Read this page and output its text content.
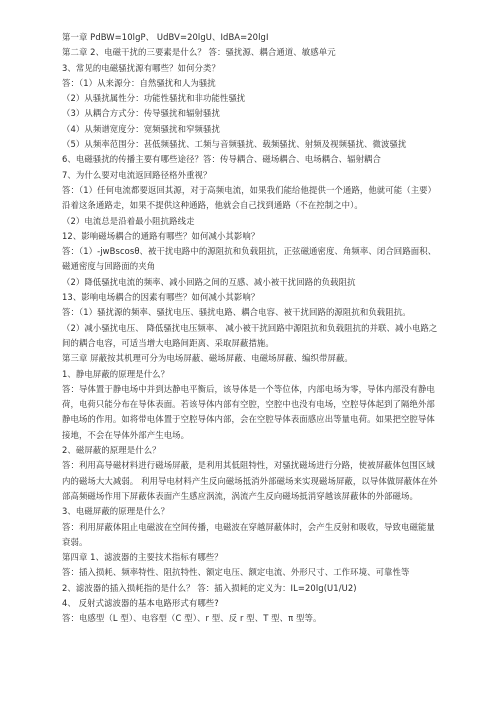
第一章 PdBW=10lgP、 UdBV=20lgU、IdBA=20lgI
第二章 2、电磁干扰的三要素是什么？ 答：骚扰源、耦合通道、敏感单元
3、常见的电磁骚扰源有哪些？如何分类？
答：（1）从来源分：自然骚扰和人为骚扰
（2）从骚扰属性分：功能性骚扰和非功能性骚扰
（3）从耦合方式分：传导骚扰和辐射骚扰
（4）从频谱宽度分：宽频骚扰和窄频骚扰
（5）从频率范围分：甚低频骚扰、工频与音频骚扰、载频骚扰、射频及视频骚扰、微波骚扰
6、电磁骚扰的传播主要有哪些途径？答：传导耦合、磁场耦合、电场耦合、辐射耦合
7、为什么要对电流返回路径格外重视？
答：（1）任何电流都要返回其源，对于高频电流，如果我们能给他提供一个通路，他就可能（主要）沿着这条通路走，如果不提供这种通路，他就会自己找到通路（不在控制之中）。
（2）电流总是沿着最小阻抗路线走
12、影响磁场耦合的通路有哪些？如何减小其影响？
答：（1）-jwBscosθ、被干扰电路中的源阻抗和负载阻抗，正弦磁通密度、角频率、闭合回路面积、磁通密度与回路面的夹角
（2）降低骚扰电流的频率、减小回路之间的互感、减小被干扰回路的负载阻抗
13、影响电场耦合的因素有哪些？如何减小其影响？
答：（1）骚扰源的频率、骚扰电压、骚扰电路、耦合电容、被干扰回路的源阻抗和负载阻抗。
（2）减小骚扰电压、 降低骚扰电压频率、 减小被干扰回路中源阻抗和负载阻抗的并联、减小电路之间的耦合电容，可适当增大电路间距离、采取屏蔽措施。
第三章 屏蔽按其机理可分为电场屏蔽、磁场屏蔽、电磁场屏蔽、编织带屏蔽。
1、静电屏蔽的原理是什么？
答：导体置于静电场中并到达静电平衡后，该导体是一个等位体，内部电场为零，导体内部没有静电荷，电荷只能分布在导体表面。若该导体内部有空腔，空腔中也没有电场，空腔导体起到了隔绝外部静电场的作用。如将带电体置于空腔导体内部，会在空腔导体表面感应出等量电荷。如果把空腔导体接地，不会在导体外部产生电场。
2、磁屏蔽的原理是什么？
答：利用高导磁材料进行磁场屏蔽，是利用其低阻特性，对骚扰磁场进行分路，使被屏蔽体包围区域内的磁场大大减弱。 利用导电材料产生反向磁场抵消外部磁场来实现磁场屏蔽，以导体做屏蔽体在外部高频磁场作用下屏蔽体表面产生感应涡流，涡流产生反向磁场抵消穿越该屏蔽体的外部磁场。
3、电磁屏蔽的原理是什么？
答：利用屏蔽体阻止电磁波在空间传播，电磁波在穿越屏蔽体时，会产生反射和吸收，导致电磁能量衰弱。
第四章 1、滤波器的主要技术指标有哪些？
答：插入损耗、频率特性、阻抗特性、额定电压、额定电流、外形尺寸、工作环境、可靠性等
2、滤波器的插入损耗指的是什么？ 答：插入损耗的定义为：IL=20lg(U1/U2)
4、 反射式滤波器的基本电路形式有哪些?
答：电感型（L 型）、电容型（C 型）、r 型、反 r 型、T 型、π 型等。
